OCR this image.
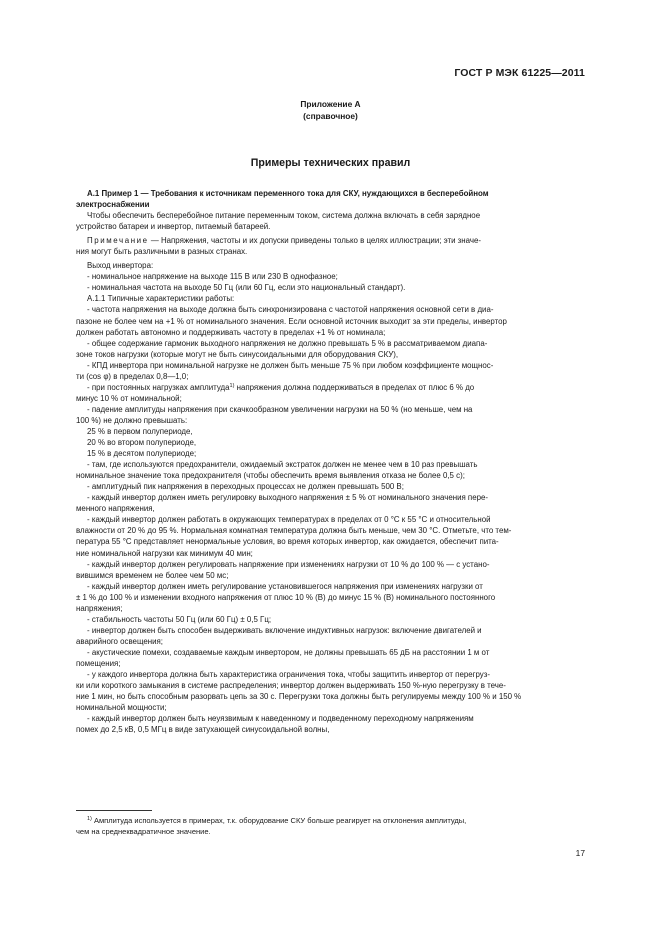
ГОСТ Р МЭК 61225—2011
Приложение А
(справочное)
Примеры технических правил

А.1 Пример 1 — Требования к источникам переменного тока для СКУ, нуждающихся в бесперебойном

электроснабжении

Чтобы обеспечить бесперебойное питание переменным током, система должна включать в себя зарядное

устройство батареи и инвертор, питаемый батареей.

Примечание — Напряжения, частоты и их допуски приведены только в целях иллюстрации; эти значе-

ния могут быть различными в разных странах.

Выход инвертора:

- номинальное напряжение на выходе 115 В или 230 В однофазное;

- номинальная частота на выходе 50 Гц (или 60 Гц, если это национальный стандарт).

А.1.1 Типичные характеристики работы:

- частота напряжения на выходе должна быть синхронизирована с частотой напряжения основной сети в диа-

пазоне не более чем на +1 % от номинального значения. Если основной источник выходит за эти пределы, инвертор

должен работать автономно и поддерживать частоту в пределах +1 % от номинала;

- общее содержание гармоник выходного напряжения не должно превышать 5 % в рассматриваемом диапа-

зоне токов нагрузки (которые могут не быть синусоидальными для оборудования СКУ),

- КПД инвертора при номинальной нагрузке не должен быть меньше 75 % при любом коэффициенте мощнос-

ти (cos φ) в пределах 0,8—1,0;

- при постоянных нагрузках амплитуда$^{1)}$ напряжения должна поддерживаться в пределах от плюс 6 % до

минус 10 % от номинальной;

- падение амплитуды напряжения при скачкообразном увеличении нагрузки на 50 % (но меньше, чем на

100 %) не должно превышать:

25 % в первом полупериоде,

20 % во втором полупериоде,

15 % в десятом полупериоде;

- там, где используются предохранители, ожидаемый экстраток должен не менее чем в 10 раз превышать

номинальное значение тока предохранителя (чтобы обеспечить время выявления отказа не более 0,5 с);

- амплитудный пик напряжения в переходных процессах не должен превышать 500 В;

- каждый инвертор должен иметь регулировку выходного напряжения ± 5 % от номинального значения пере-

менного напряжения,

- каждый инвертор должен работать в окружающих температурах в пределах от 0 °С к 55 °С и относительной

влажности от 20 % до 95 %. Нормальная комнатная температура должна быть меньше, чем 30 °С. Отметьте, что тем-

пература 55 °С представляет ненормальные условия, во время которых инвертор, как ожидается, обеспечит пита-

ние номинальной нагрузки как минимум 40 мин;

- каждый инвертор должен регулировать напряжение при изменениях нагрузки от 10 % до 100 % — с устано-

вившимся временем не более чем 50 мс;

- каждый инвертор должен иметь регулирование установившегося напряжения при изменениях нагрузки от

± 1 % до 100 % и изменении входного напряжения от плюс 10 % (В) до минус 15 % (В) номинального постоянного

напряжения;

- стабильность частоты 50 Гц (или 60 Гц) ± 0,5 Гц;

- инвертор должен быть способен выдерживать включение индуктивных нагрузок: включение двигателей и

аварийного освещения;

- акустические помехи, создаваемые каждым инвертором, не должны превышать 65 дБ на расстоянии 1 м от

помещения;

- у каждого инвертора должна быть характеристика ограничения тока, чтобы защитить инвертор от перегруз-

ки или короткого замыкания в системе распределения; инвертор должен выдерживать 150 %-ную перегрузку в тече-

ние 1 мин, но быть способным разорвать цепь за 30 с. Перегрузки тока должны быть регулируемы между 100 % и 150 %

номинальной мощности;

- каждый инвертор должен быть неуязвимым к наведенному и подведенному переходному напряжениям

помех до 2,5 кВ, 0,5 МГц в виде затухающей синусоидальной волны,

$^{1)}$ Амплитуда используется в примерах, т.к. оборудование СКУ больше реагирует на отклонения амплитуды,

чем на среднеквадратичное значение.

17
